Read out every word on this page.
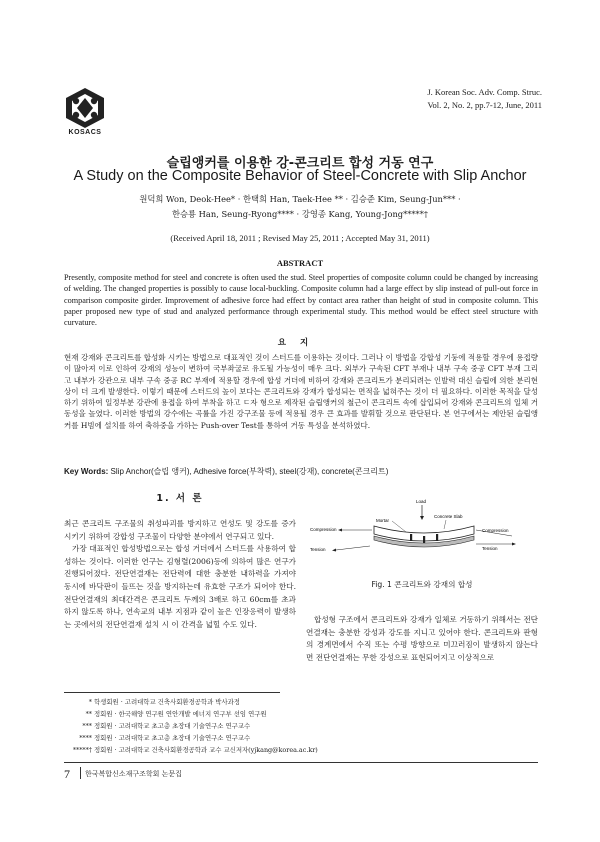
KOSACS
J. Korean Soc. Adv. Comp. Struc.
Vol. 2, No. 2, pp.7-12, June, 2011
슬립앵커를 이용한 강-콘크리트 합성 거동 연구
A Study on the Composite Behavior of Steel-Concrete with Slip Anchor
원덕희 Won, Deok-Hee* · 한택희 Han, Taek-Hee ** · 김승준 Kim, Seung-Jun*** ·
한승룡 Han, Seung-Ryong**** · 강영종 Kang, Young-Jong*****†
(Received April 18, 2011 ; Revised May 25, 2011 ; Accepted May 31, 2011)
ABSTRACT
Presently, composite method for steel and concrete is often used the stud. Steel properties of composite column could be changed by increasing of welding. The changed properties is possibly to cause local-buckling. Composite column had a large effect by slip instead of pull-out force in comparison composite girder. Improvement of adhesive force had effect by contact area rather than height of stud in composite column. This paper proposed new type of stud and analyzed performance through experimental study. This method would be effect steel structure with curvature.
요지
현재 강재와 콘크리트를 합성화 시키는 방법으로 대표적인 것이 스터드를 이용하는 것이다. 그러나 이 방법을 강합성 기둥에 적용할 경우에 용접량이 많아져 이로 인하여 강재의 성능이 변하여 국부좌굴로 유도될 가능성이 매우 크다. 외부가 구속된 CFT 부재나 내부 구속 중공 CFT 부재 그리고 내부가 강관으로 내부 구속 중공 RC 부재에 적용할 경우에 합성 거더에 비하여 강재와 콘크리트가 분리되려는 인발력 대신 슬립에 의한 분리현상이 더 크게 발생한다. 이렇기 때문에 스터드의 높이 보다는 콘크리트와 강재가 합성되는 면적을 넓혀주는 것이 더 필요하다. 이러한 목적을 달성하기 위하여 일정부분 강관에 용접을 하여 부착을 하고 ㄷ자 형으로 제작된 슬립앵커의 철근이 콘크리트 속에 삽입되어 강재와 콘크리트의 일체 거동성을 높였다. 이러한 방법의 강수에는 곡률을 가진 강구조물 등에 적용될 경우 큰 효과를 발휘할 것으로 판단된다. 본 연구에서는 제안된 슬립앵커를 H빔에 설치를 하여 축하중을 가하는 Push-over Test를 통하여 거동 특성을 분석하였다.
Key Words: Slip Anchor(슬립 앵커), Adhesive force(부착력), steel(강재), concrete(콘크리트)
1. 서 론

최근 콘크리트 구조물의 취성파괴를 방지하고 연성도 및 강도를 증가시키기 위하여 강합성 구조물이 다양한 분야에서 연구되고 있다.

가장 대표적인 합성방법으로는 합성 거더에서 스터드를 사용하여 합성하는 것이다. 이러한 연구는 김형렬(2006)등에 의하여 많은 연구가 진행되어졌다. 전단연결재는 전단력에 대한 충분한 내하력을 가져야 동시에 바닥판이 들뜨는 것을 방지하는데 유효한 구조가 되어야 한다. 전단연결재의 최대간격은 콘크리트 두께의 3배로 하고 60cm를 초과하지 않도록 하나, 연속교의 내부 지점과 같이 높은 인장응력이 발생하는 곳에서의 전단연결재 설치 시 이 간격을 넓힐 수도 있다.

Load
Mortar
Concrete Slab
Compression
Tension
Compression
Tension
Fig. 1 콘크리트와 강재의 합성
합성형 구조에서 콘크리트와 강재가 일체로 거동하기 위해서는 전단연결재는 충분한 강성과 강도를 지니고 있어야 한다. 콘크리트와 판형의 경계면에서 수직 또는 수평 방향으로 미끄러짐이 발생하지 않는다면 전단연결재는 무한 강성으로 표현되어지고 이상적으로
* 학생회원 · 고려대학교 건축사회환경공학과 박사과정
** 정회원 · 한국해양 연구원 연안개발 에너지 연구부 선임 연구원
*** 정회원 · 고려대학교 초고층 초장대 기술연구소 연구교수
**** 정회원 · 고려대학교 초고층 초장대 기술연구소 연구교수
*****† 정회원 · 고려대학교 건축사회환경공학과 교수 교신저자(yjkang@korea.ac.kr)
7 한국복합신소재구조학회 논문집
